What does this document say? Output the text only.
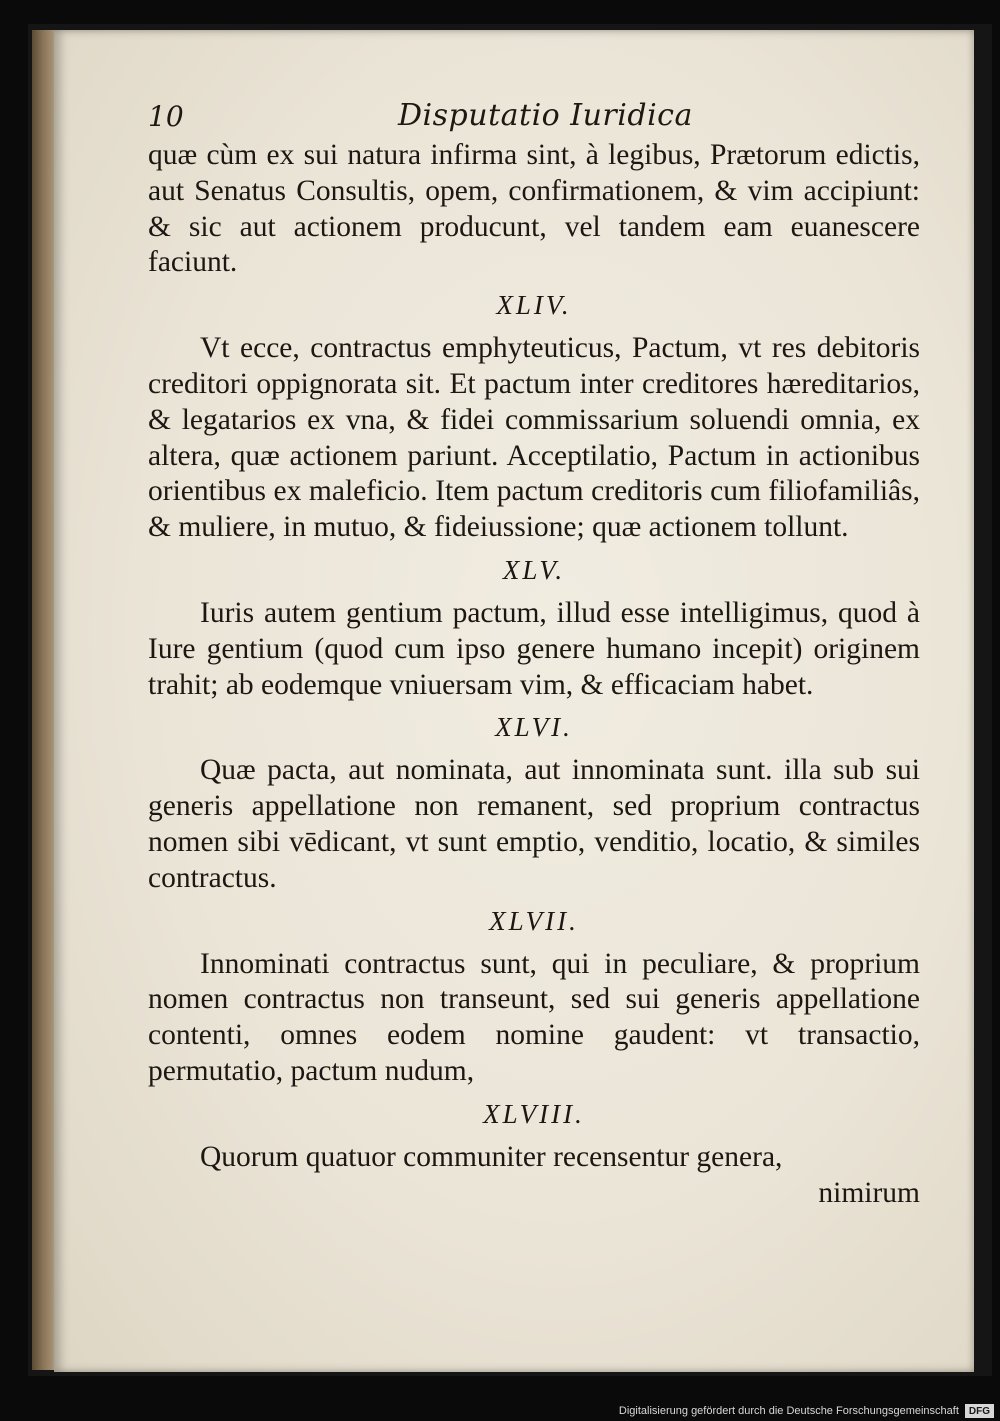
10	Disputatio Iuridica

quæ cùm ex sui natura infirma sint, à legibus, Prætorum edictis, aut Senatus Consultis, opem, confirmationem, & vim accipiunt: & sic aut actionem producunt, vel tandem eam euanescere faciunt.

XLIV.

Vt ecce, contractus emphyteuticus, Pactum, vt res debitoris creditori oppignorata sit. Et pactum inter creditores hæreditarios, & legatarios ex vna, & fidei commissarium soluendi omnia, ex altera, quæ actionem pariunt. Acceptilatio, Pactum in actionibus orientibus ex maleficio. Item pactum creditoris cum filiofamiliâs, & muliere, in mutuo, & fideiussione; quæ actionem tollunt.

XLV.

Iuris autem gentium pactum, illud esse intelligimus, quod à Iure gentium (quod cum ipso genere humano incepit) originem trahit; ab eodemque vniuersam vim, & efficaciam habet.

XLVI.

Quæ pacta, aut nominata, aut innominata sunt. illa sub sui generis appellatione non remanent, sed proprium contractus nomen sibi vēdicant, vt sunt emptio, venditio, locatio, & similes contractus.

XLVII.

Innominati contractus sunt, qui in peculiare, & proprium nomen contractus non transeunt, sed sui generis appellatione contenti, omnes eodem nomine gaudent: vt transactio, permutatio, pactum nudum,

XLVIII.

Quorum quatuor communiter recensentur genera,

nimirum

Digitalisierung gefördert durch die Deutsche Forschungsgemeinschaft	DFG
